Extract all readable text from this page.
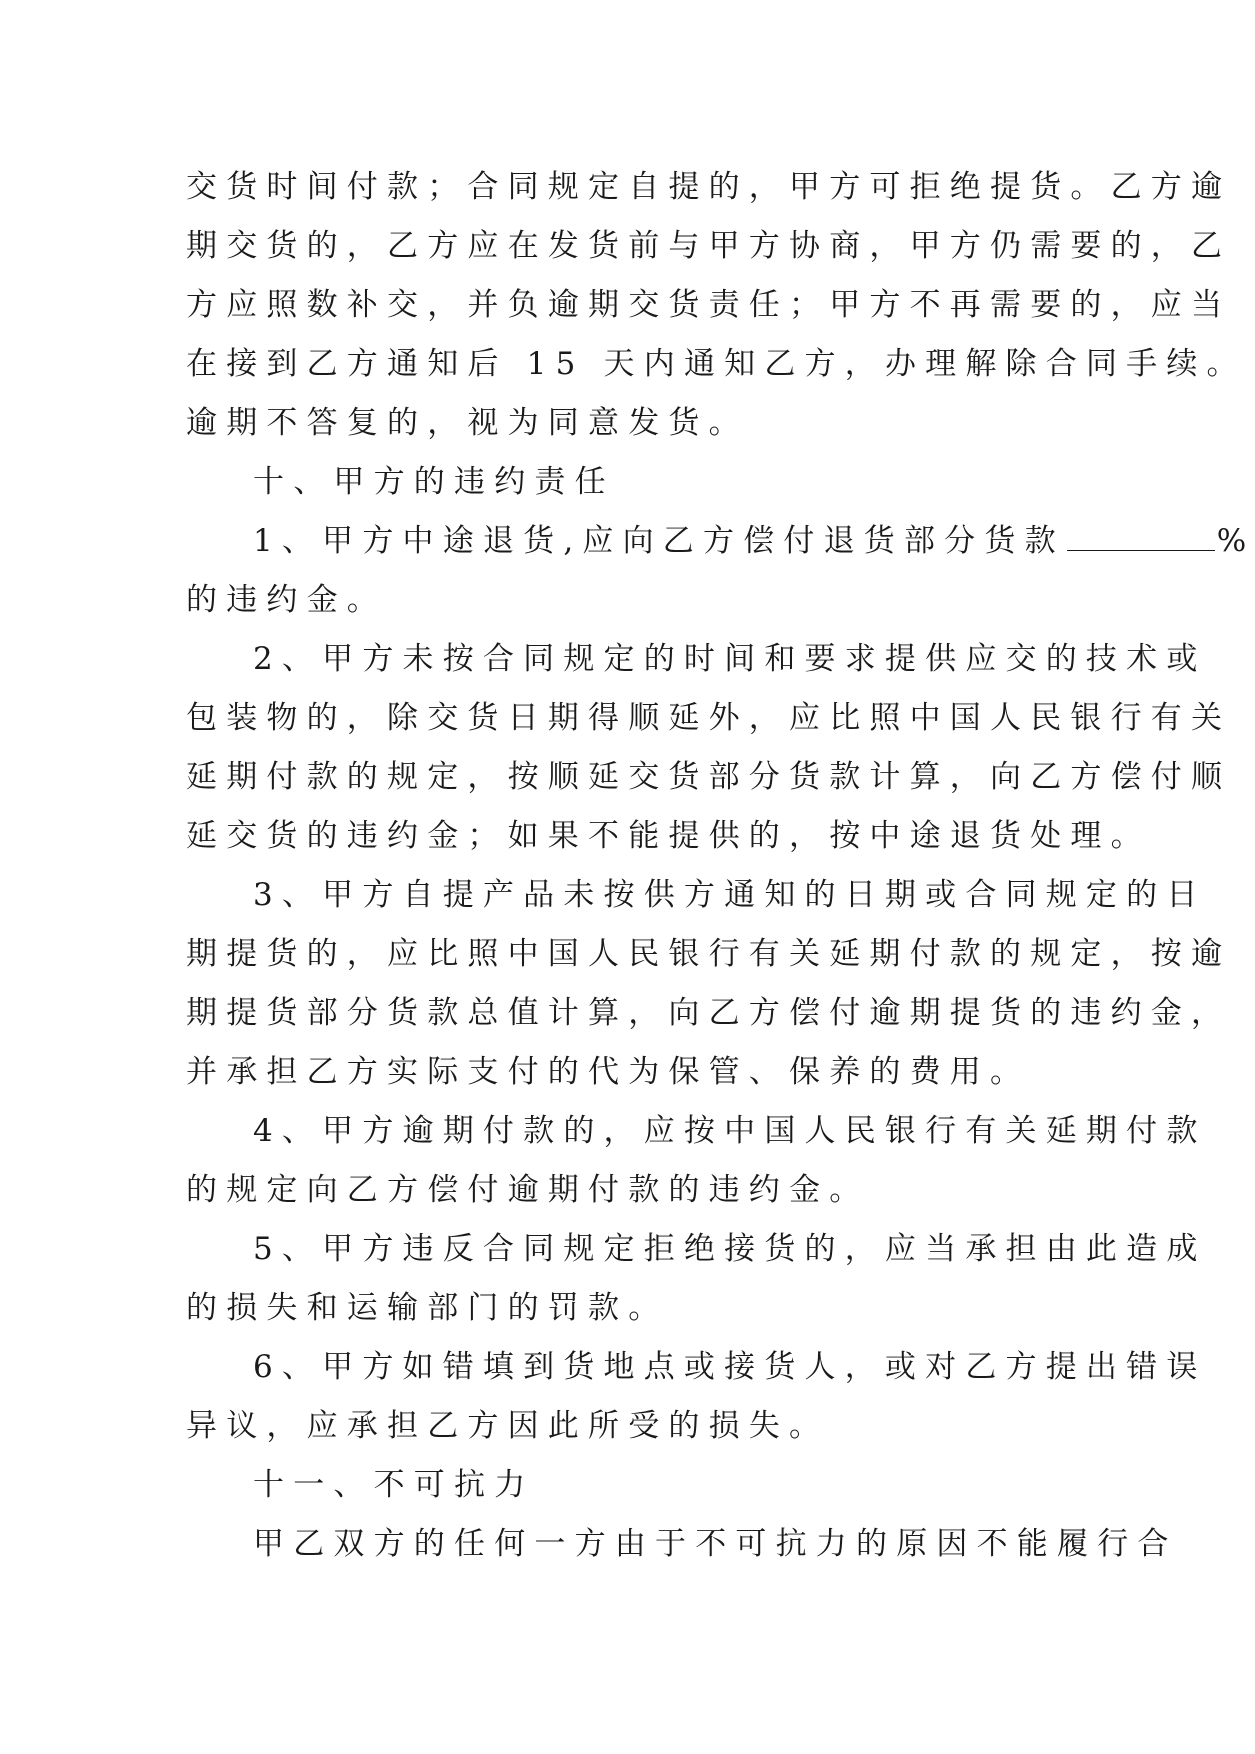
交货时间付款；合同规定自提的，甲方可拒绝提货。乙方逾
期交货的，乙方应在发货前与甲方协商，甲方仍需要的，乙
方应照数补交，并负逾期交货责任；甲方不再需要的，应当
在接到乙方通知后 15 天内通知乙方，办理解除合同手续。
逾期不答复的，视为同意发货。
十、甲方的违约责任
1、甲方中途退货,应向乙方偿付退货部分货款	%
的违约金。
2、甲方未按合同规定的时间和要求提供应交的技术或
包装物的，除交货日期得顺延外，应比照中国人民银行有关
延期付款的规定，按顺延交货部分货款计算，向乙方偿付顺
延交货的违约金；如果不能提供的，按中途退货处理。
3、甲方自提产品未按供方通知的日期或合同规定的日
期提货的，应比照中国人民银行有关延期付款的规定，按逾
期提货部分货款总值计算，向乙方偿付逾期提货的违约金，
并承担乙方实际支付的代为保管、保养的费用。
4、甲方逾期付款的，应按中国人民银行有关延期付款
的规定向乙方偿付逾期付款的违约金。
5、甲方违反合同规定拒绝接货的，应当承担由此造成
的损失和运输部门的罚款。
6、甲方如错填到货地点或接货人，或对乙方提出错误
异议，应承担乙方因此所受的损失。
十一、不可抗力
甲乙双方的任何一方由于不可抗力的原因不能履行合
